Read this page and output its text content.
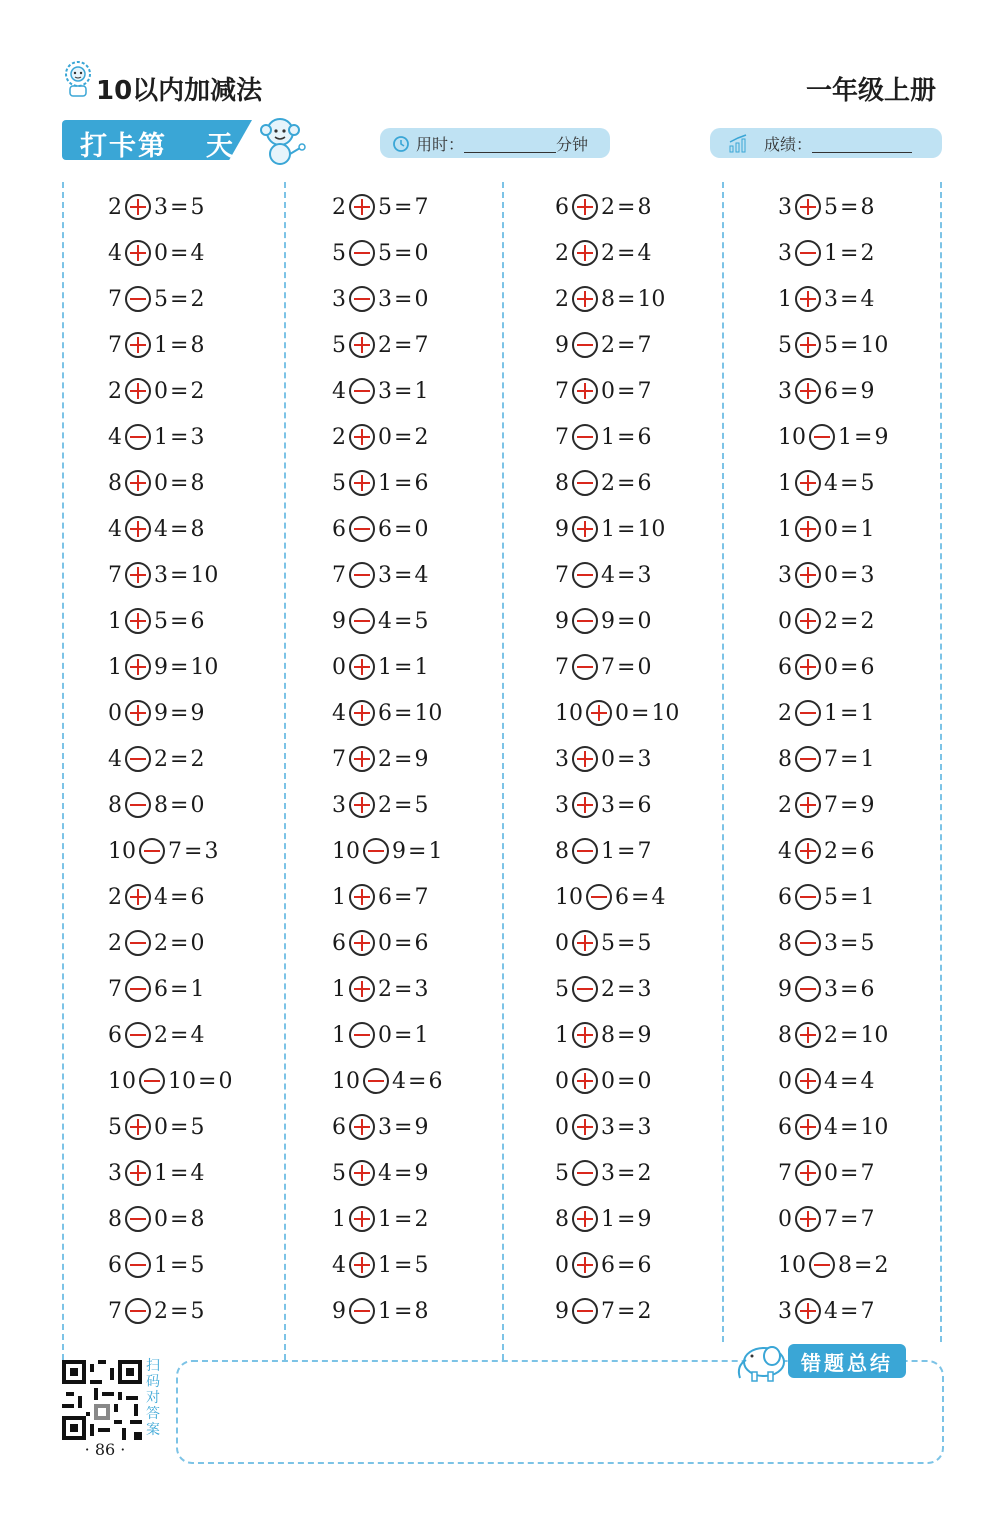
10以内加减法	一年级上册
打卡第 天	用时：	分钟	成绩：
2 3 = 5
4 0 = 4
7 5 = 2
7 1 = 8
2 0 = 2
4 1 = 3
8 0 = 8
4 4 = 8
7 3 = 10
1 5 = 6
1 9 = 10
0 9 = 9
4 2 = 2
8 8 = 0
10 7 = 3
2 4 = 6
2 2 = 0
7 6 = 1
6 2 = 4
10 10 = 0
5 0 = 5
3 1 = 4
8 0 = 8
6 1 = 5
7 2 = 5
2 5 = 7
5 5 = 0
3 3 = 0
5 2 = 7
4 3 = 1
2 0 = 2
5 1 = 6
6 6 = 0
7 3 = 4
9 4 = 5
0 1 = 1
4 6 = 10
7 2 = 9
3 2 = 5
10 9 = 1
1 6 = 7
6 0 = 6
1 2 = 3
1 0 = 1
10 4 = 6
6 3 = 9
5 4 = 9
1 1 = 2
4 1 = 5
9 1 = 8
6 2 = 8
2 2 = 4
2 8 = 10
9 2 = 7
7 0 = 7
7 1 = 6
8 2 = 6
9 1 = 10
7 4 = 3
9 9 = 0
7 7 = 0
10 0 = 10
3 0 = 3
3 3 = 6
8 1 = 7
10 6 = 4
0 5 = 5
5 2 = 3
1 8 = 9
0 0 = 0
0 3 = 3
5 3 = 2
8 1 = 9
0 6 = 6
9 7 = 2
3 5 = 8
3 1 = 2
1 3 = 4
5 5 = 10
3 6 = 9
10 1 = 9
1 4 = 5
1 0 = 1
3 0 = 3
0 2 = 2
6 0 = 6
2 1 = 1
8 7 = 1
2 7 = 9
4 2 = 6
6 5 = 1
8 3 = 5
9 3 = 6
8 2 = 10
0 4 = 4
6 4 = 10
7 0 = 7
0 7 = 7
10 8 = 2
3 4 = 7
错题总结
扫码对答案
· 86 ·
